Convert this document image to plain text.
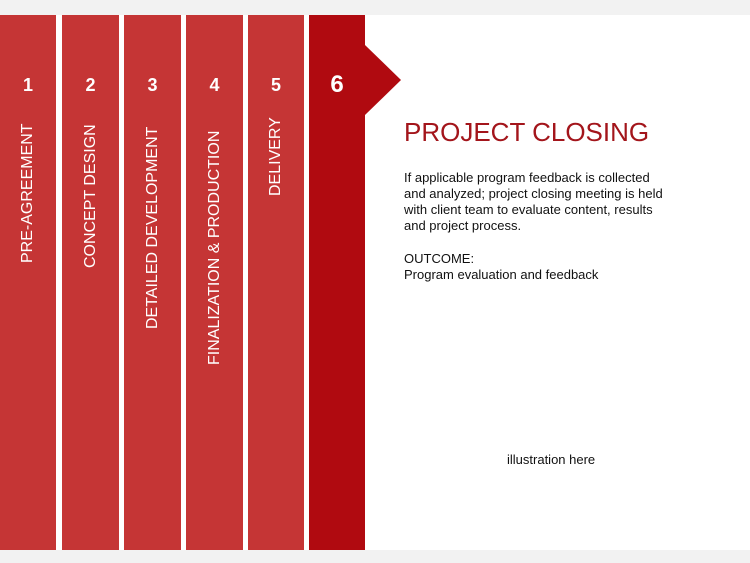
1
PRE-AGREEMENT
2
CONCEPT DESIGN
3
DETAILED DEVELOPMENT
4
FINALIZATION & PRODUCTION
5
DELIVERY
6
PROJECT CLOSING
If applicable program feedback is collected and analyzed; project closing meeting is held with client team to evaluate content, results and project process.
OUTCOME:
Program evaluation and feedback
illustration here
